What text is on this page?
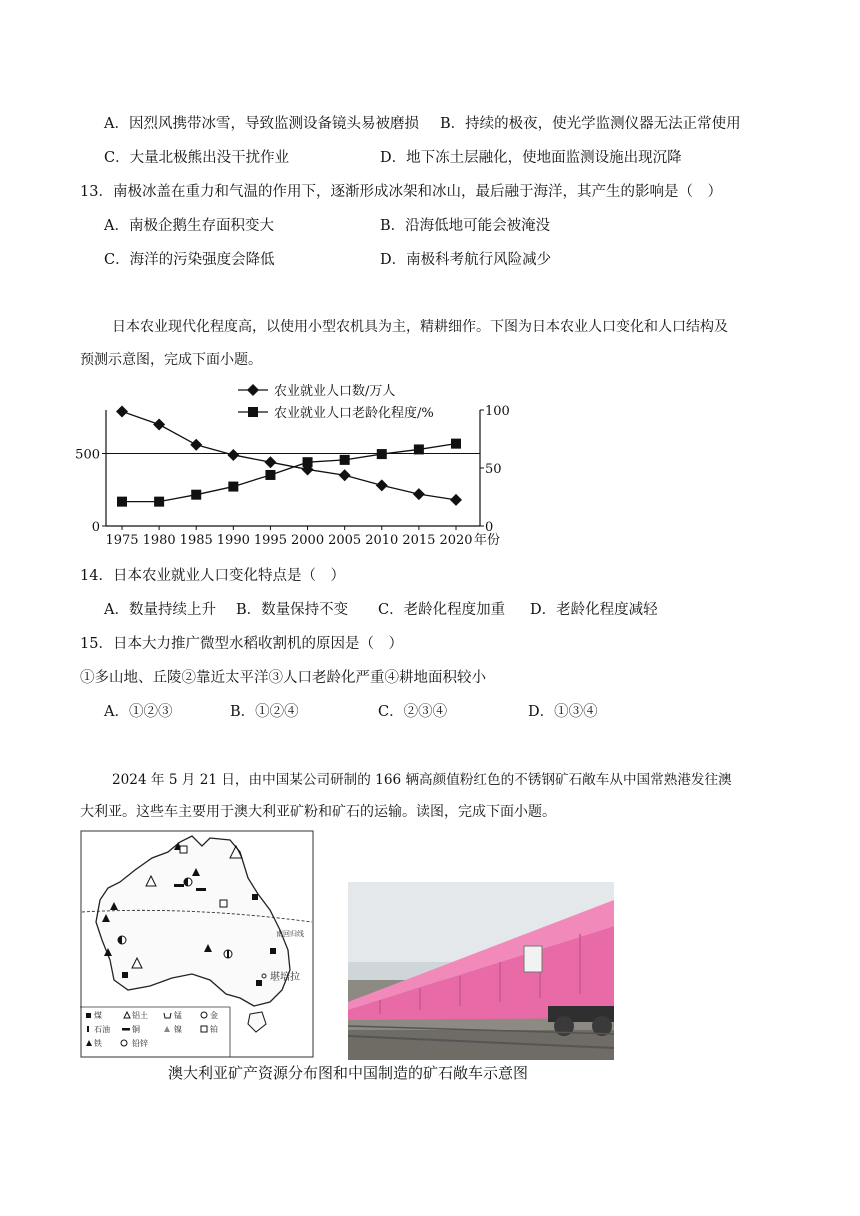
A．因烈风携带冰雪，导致监测设备镜头易被磨损 B．持续的极夜，使光学监测仪器无法正常使用
C．大量北极熊出没干扰作业	D．地下冻土层融化，使地面监测设施出现沉降
13．南极冰盖在重力和气温的作用下，逐渐形成冰架和冰山，最后融于海洋，其产生的影响是（　）
A．南极企鹅生存面积变大	B．沿海低地可能会被淹没
C．海洋的污染强度会降低	D．南极科考航行风险减少
日本农业现代化程度高，以使用小型农机具为主，精耕细作。下图为日本农业人口变化和人口结构及
预测示意图，完成下面小题。
0
500
0
50
100
1975 1980 1985 1990 1995 2000 2005 2010 2015 2020 年份
农业就业人口数/万人
农业就业人口老龄化程度/%
14．日本农业就业人口变化特点是（　）
A．数量持续上升 B．数量保持不变 C．老龄化程度加重 D．老龄化程度减轻
15．日本大力推广微型水稻收割机的原因是（　）
①多山地、丘陵②靠近太平洋③人口老龄化严重④耕地面积较小
A．①②③	B．①②④	C．②③④	D．①③④
2024 年 5 月 21 日，由中国某公司研制的 166 辆高颜值粉红色的不锈钢矿石敞车从中国常熟港发往澳
大利亚。这些车主要用于澳大利亚矿粉和矿石的运输。读图，完成下面小题。
南回归线
堪培拉
煤	铝土	锰	金
石油	铜	镍	铂
铁	铅锌
澳大利亚矿产资源分布图和中国制造的矿石敞车示意图
